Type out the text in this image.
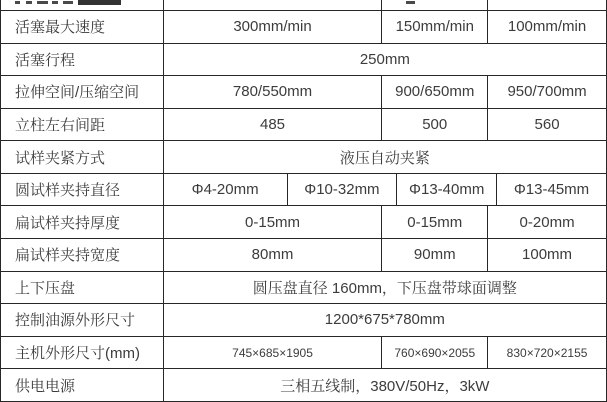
活塞最大速度	300mm/min	150mm/min	100mm/min
活塞行程	250mm
拉伸空间/压缩空间	780/550mm	900/650mm	950/700mm
立柱左右间距	485	500	560
试样夹紧方式	液压自动夹紧
圆试样夹持直径	Φ4-20mm	Φ10-32mm	Φ13-40mm	Φ13-45mm
扁试样夹持厚度	0-15mm	0-15mm	0-20mm
扁试样夹持宽度	80mm	90mm	100mm
上下压盘	圆压盘直径 160mm，下压盘带球面调整
控制油源外形尺寸	1200*675*780mm
主机外形尺寸(mm)	745×685×1905	760×690×2055	830×720×2155
供电电源	三相五线制，380V/50Hz，3kW
